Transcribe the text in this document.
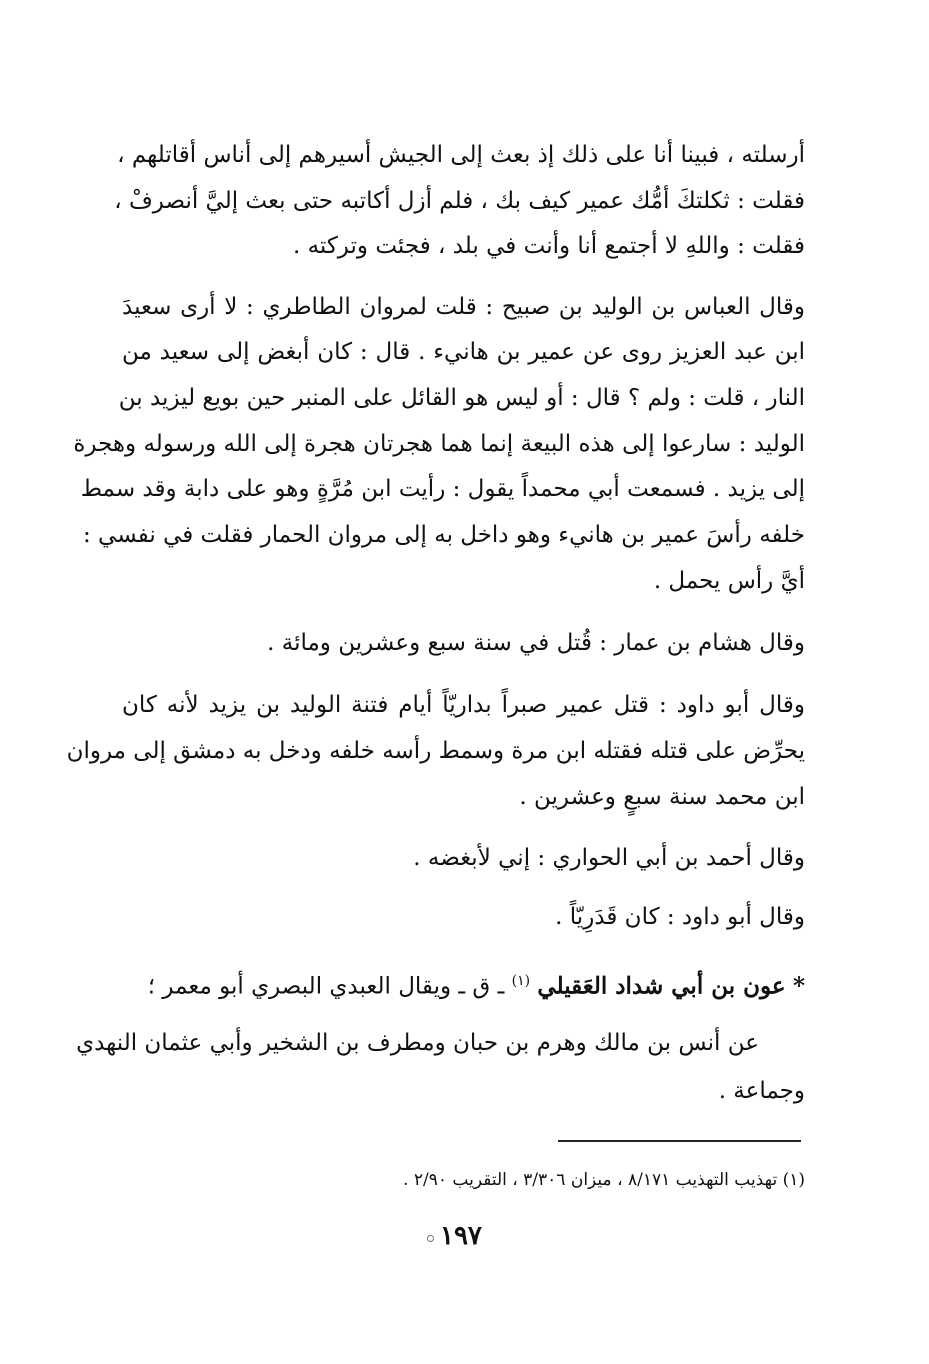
أرسلته ، فبينا أنا على ذلك إذ بعث إلى الجيش أسيرهم إلى أناس أقاتلهم ،
فقلت : ثكلتكَ أمُّك عمير كيف بك ، فلم أزل أكاتبه حتى بعث إليَّ أنصرفْ ،
فقلت : واللهِ لا أجتمع أنا وأنت في بلد ، فجئت وتركته .
وقال العباس بن الوليد بن صبيح : قلت لمروان الطاطري : لا أرى سعيدَ
ابن عبد العزيز روى عن عمير بن هانيء . قال : كان أبغض إلى سعيد من
النار ، قلت : ولم ؟ قال : أو ليس هو القائل على المنبر حين بويع ليزيد بن
الوليد : سارعوا إلى هذه البيعة إنما هما هجرتان هجرة إلى الله ورسوله وهجرة
إلى يزيد . فسمعت أبي محمداً يقول : رأيت ابن مُرَّةٍ وهو على دابة وقد سمط
خلفه رأسَ عمير بن هانيء وهو داخل به إلى مروان الحمار فقلت في نفسي :
أيَّ رأس يحمل .
وقال هشام بن عمار : قُتل في سنة سبع وعشرين ومائة .
وقال أبو داود : قتل عمير صبراً بداريّاً أيام فتنة الوليد بن يزيد لأنه كان
يحرِّض على قتله فقتله ابن مرة وسمط رأسه خلفه ودخل به دمشق إلى مروان
ابن محمد سنة سبعٍ وعشرين .
وقال أحمد بن أبي الحواري : إني لأبغضه .
وقال أبو داود : كان قَدَرِيّاً .
* عون بن أبي شداد العَقيلي $^{(١)}$ ـ ق ـ ويقال العبدي البصري أبو معمر ؛
عن أنس بن مالك وهرم بن حبان ومطرف بن الشخير وأبي عثمان النهدي
وجماعة .
(١) تهذيب التهذيب ٨/١٧١ ، ميزان ٣/٣٠٦ ، التقريب ٢/٩٠ .
١٩٧
